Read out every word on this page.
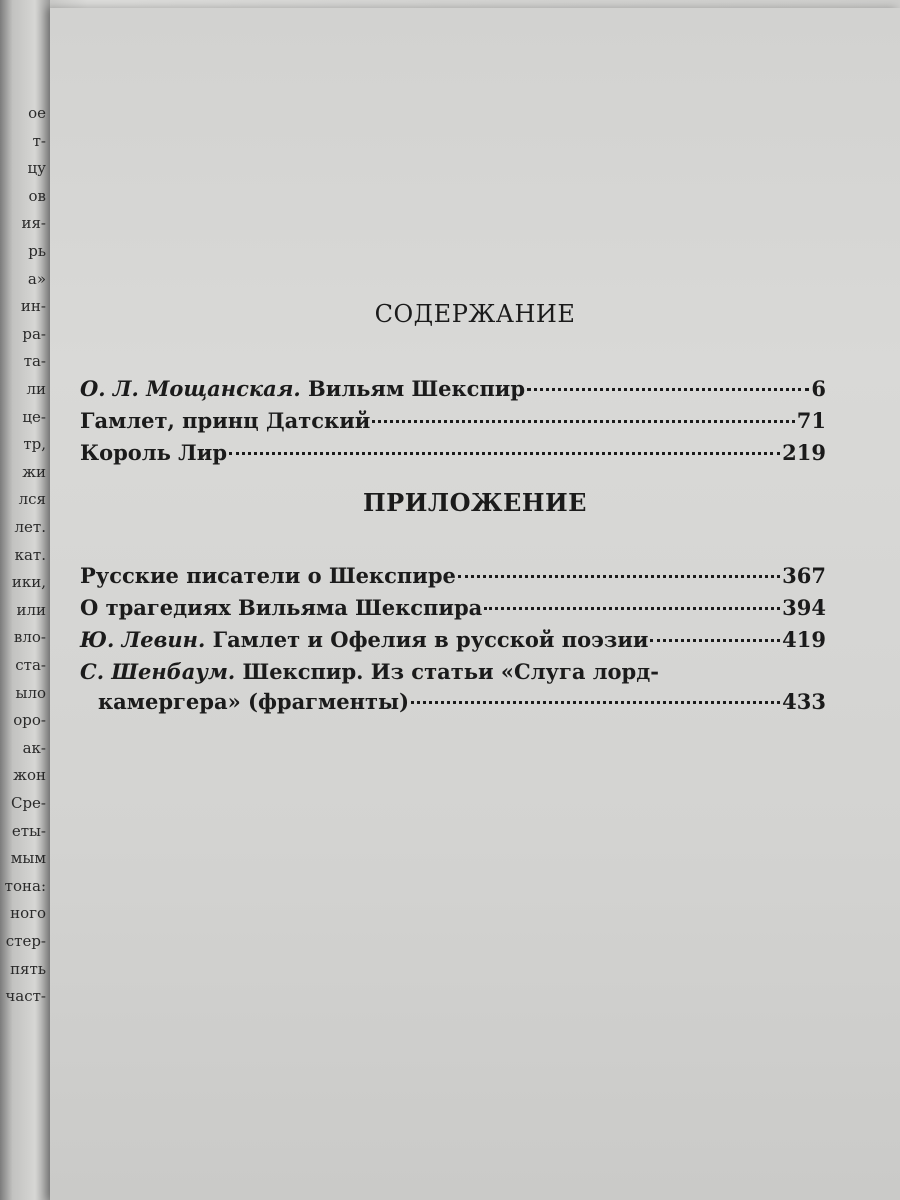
ое
т-
цу
ов
ия-
рь
а»
ин-
ра-
та-
ли
це-
тр,
жи
лся
лет.
кат.
ики,
или
вло-
ста-
ыло
оро-
ак-
жон
Сре-
еты-
мым
тона:
ного
стер-
пять
част-

СОДЕРЖАНИЕ
О. Л. Мощанская. Вильям Шекспир	6
Гамлет, принц Датский	71
Король Лир	219
ПРИЛОЖЕНИЕ
Русские писатели о Шекспире	367
О трагедиях Вильяма Шекспира	394
Ю. Левин. Гамлет и Офелия в русской поэзии	419
С. Шенбаум. Шекспир. Из статьи «Слуга лорд-
камергера» (фрагменты)	433
